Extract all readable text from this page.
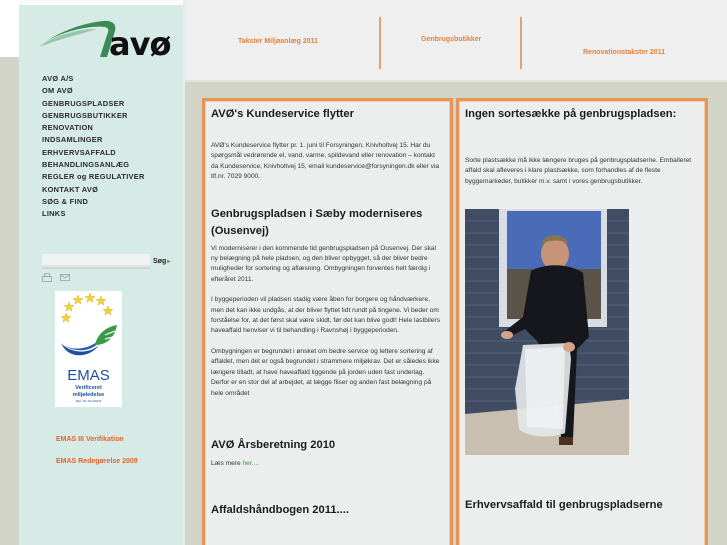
avø
AVØ A/S
OM AVØ
GENBRUGSPLADSER
GENBRUGSBUTIKKER
RENOVATION
INDSAMLINGER
ERHVERVSAFFALD
BEHANDLINGSANLÆG
REGLER og REGULATIVER
KONTAKT AVØ
SØG & FIND
LINKS
Søg ▸
EMAS III Verifikation
EMAS Redegørelse 2009
EMAS
Verificeret
miljøledelse
REG. NO. DK-000229
Takster Miljøanlæg 2011	Genbrugsbutikker
Renovationstakster 2011
AVØ's Kundeservice flytter

AVØ's Kundeservice flytter pr. 1. juni til Forsyningen, Knivholtvej 15. Har du spørgsmål vedrørende el, vand, varme, spildevand eller renovation – kontakt da Kundeservice, Knivholtvej 15, email kundeservice@forsyningen.dk eller via tlf.nr. 7029 9000.

Genbrugspladsen i Sæby moderniseres (Ousenvej)

Vi moderniserer i den kommende tid genbrugspladsen på Ousenvej. Der skal ny belægning på hele pladsen, og den bliver opbygget, så der bliver bedre muligheder for sortering og aflæsning. Ombygningen forventes helt færdig i efteråret 2011.

I byggeperioden vil pladsen stadig være åben for borgere og håndværkere, men det kan ikke undgås, at der bliver flyttet lidt rundt på tingene. Vi beder om forståelse for, at det først skal være skidt, før det kan blive godt! Hele lastbilers haveaffald henviser vi til behandling i Ravnshøj i byggeperioden.

Ombygningen er begrundet i ønsket om bedre service og lettere sortering af affaldet, men det er også begrundet i strammere miljøkrav. Det er således ikke længere tilladt, at have haveaffald liggende på jorden uden fast underlag. Derfor er en stor del af arbejdet, at lægge fliser og anden fast belægning på hele området

AVØ Årsberetning 2010

Læs mere her....

Affaldshåndbogen 2011....
Ingen sortesække på genbrugspladsen:

Sorte plastsække må ikke længere bruges på genbrugspladserne. Emballeret affald skal afleveres i klare plastsække, som forhandles af de fleste byggemarkeder, butikker m.v. samt i vores genbrugsbutikker.

Erhvervsaffald til genbrugspladserne
